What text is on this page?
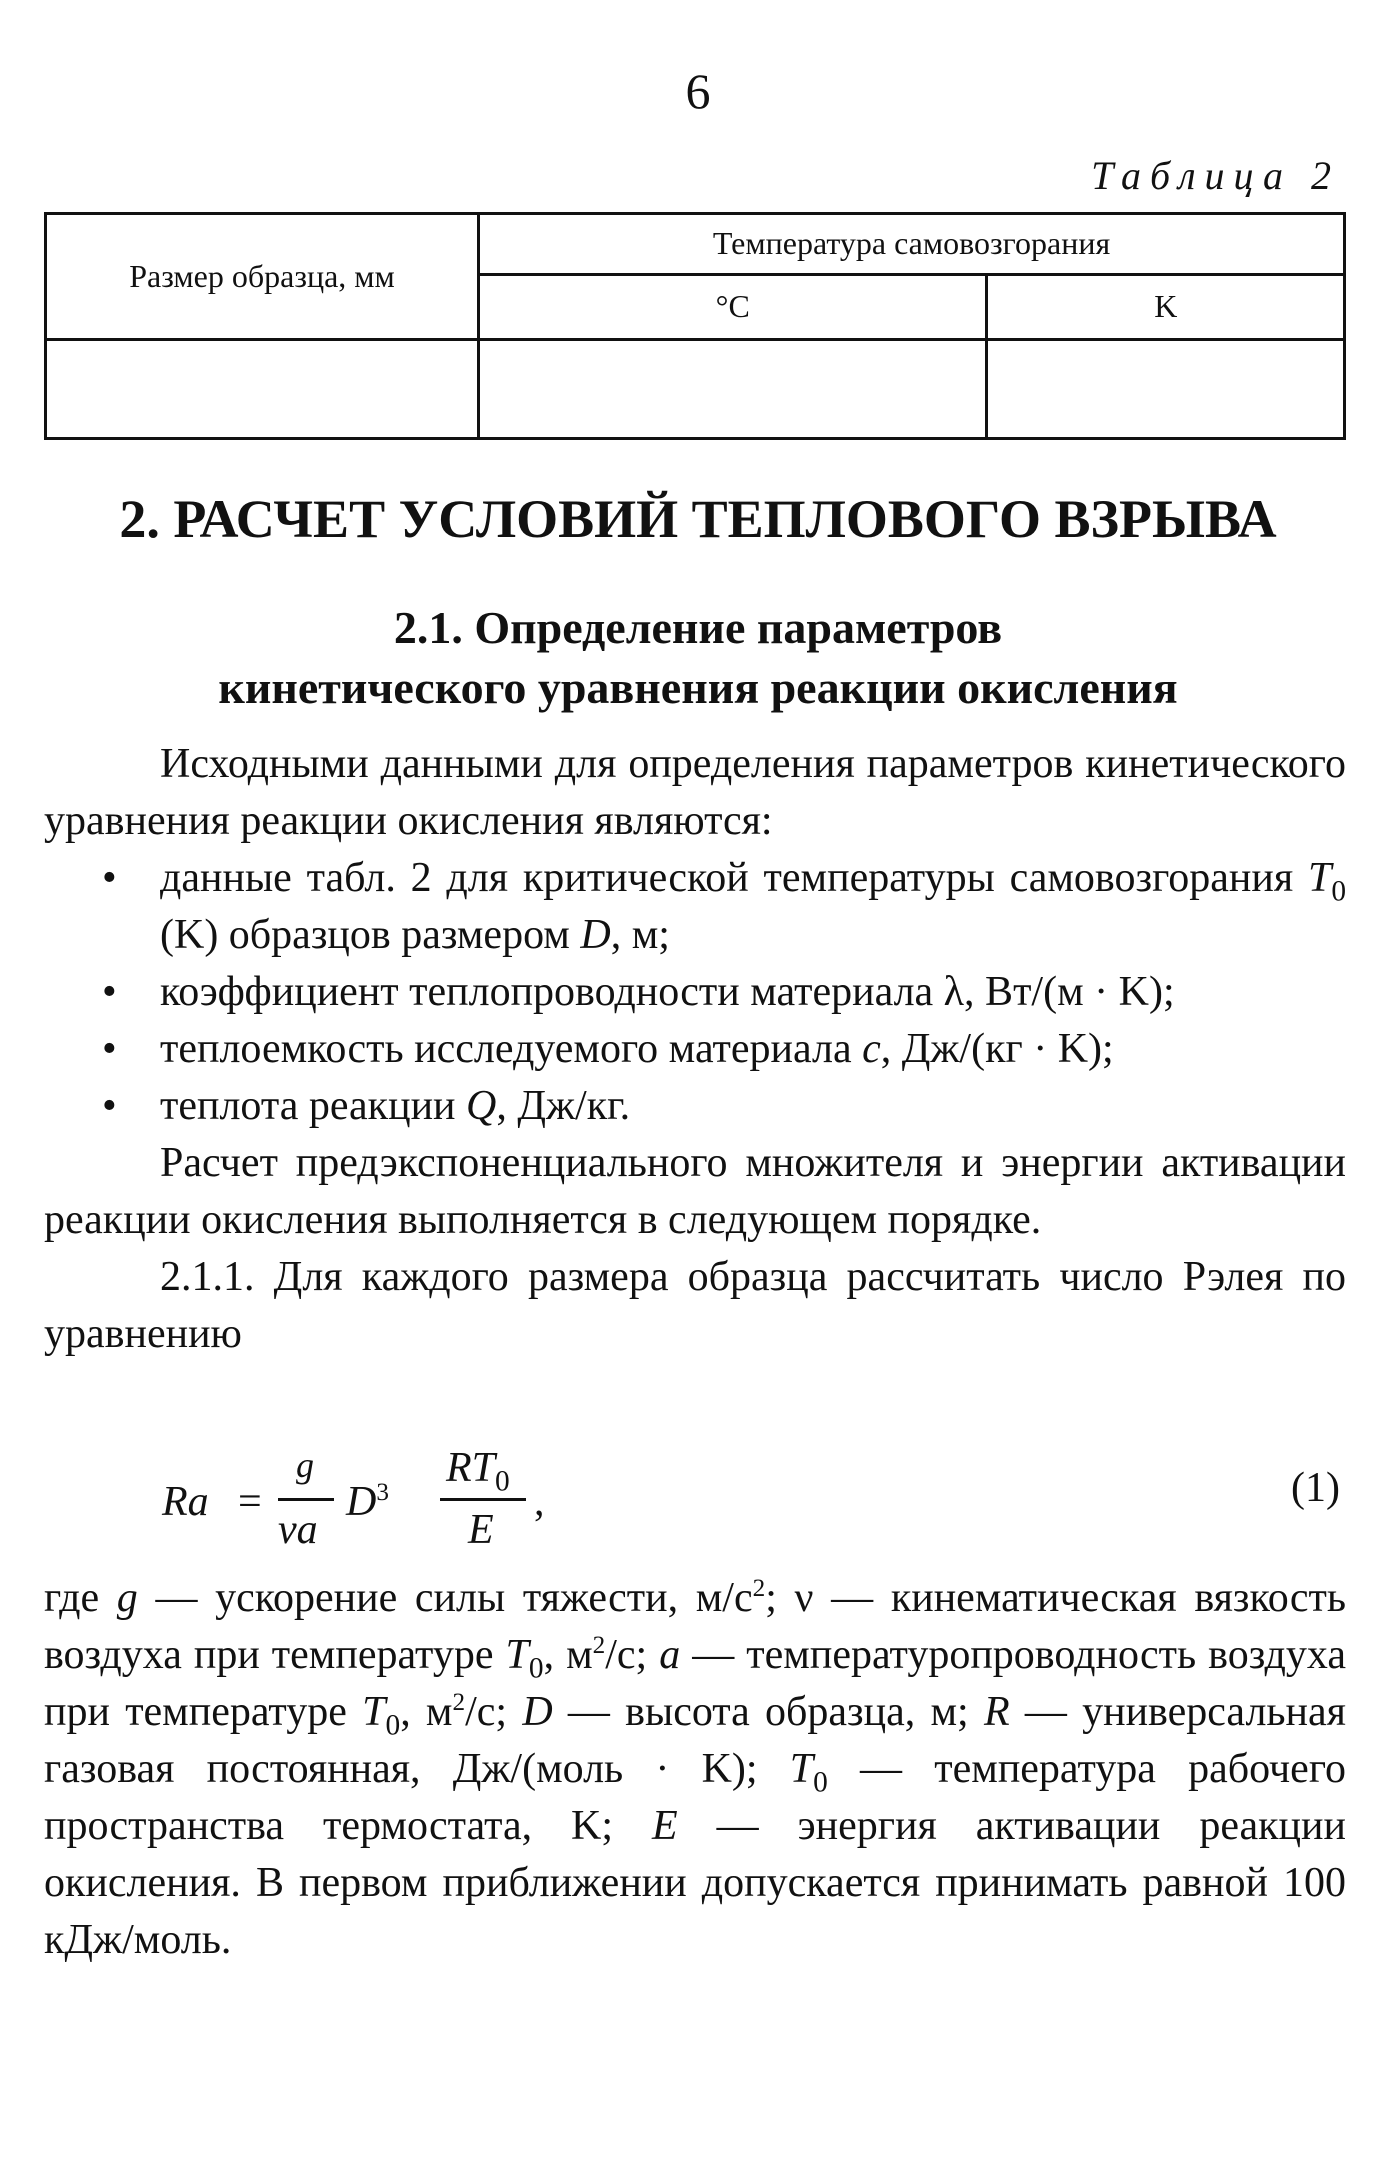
6
Таблица 2
Размер образца, мм	Температура самовозгорания	
	°C	K

2. РАСЧЕТ УСЛОВИЙ ТЕПЛОВОГО ВЗРЫВА
2.1. Определение параметров
кинетического уравнения реакции окисления

Исходными данными для определения параметров кинетического уравнения реакции окисления являются:

• данные табл. 2 для критической температуры самовозгорания $T_0$ (K) образцов размером D, м;
• коэффициент теплопроводности материала λ, Вт/(м · K);
• теплоемкость исследуемого материала c, Дж/(кг · K);
• теплота реакции Q, Дж/кг.

Расчет предэкспоненциального множителя и энергии активации реакции окисления выполняется в следующем порядке.

2.1.1. Для каждого размера образца рассчитать число Рэлея по уравнению

Ra =
g
νa
$D^3$
$RT_0$
E
,	(1)

где g — ускорение силы тяжести, $м/с^2$; ν — кинематическая вязкость воздуха при температуре $T_0$, $м^2/с$; a — температуропроводность воздуха при температуре $T_0$, $м^2/с$; D — высота образца, м; R — универсальная газовая постоянная, Дж/(моль · K); $T_0$ — температура рабочего пространства термостата, K; E — энергия активации реакции окисления. В первом приближении допускается принимать равной 100 кДж/моль.
